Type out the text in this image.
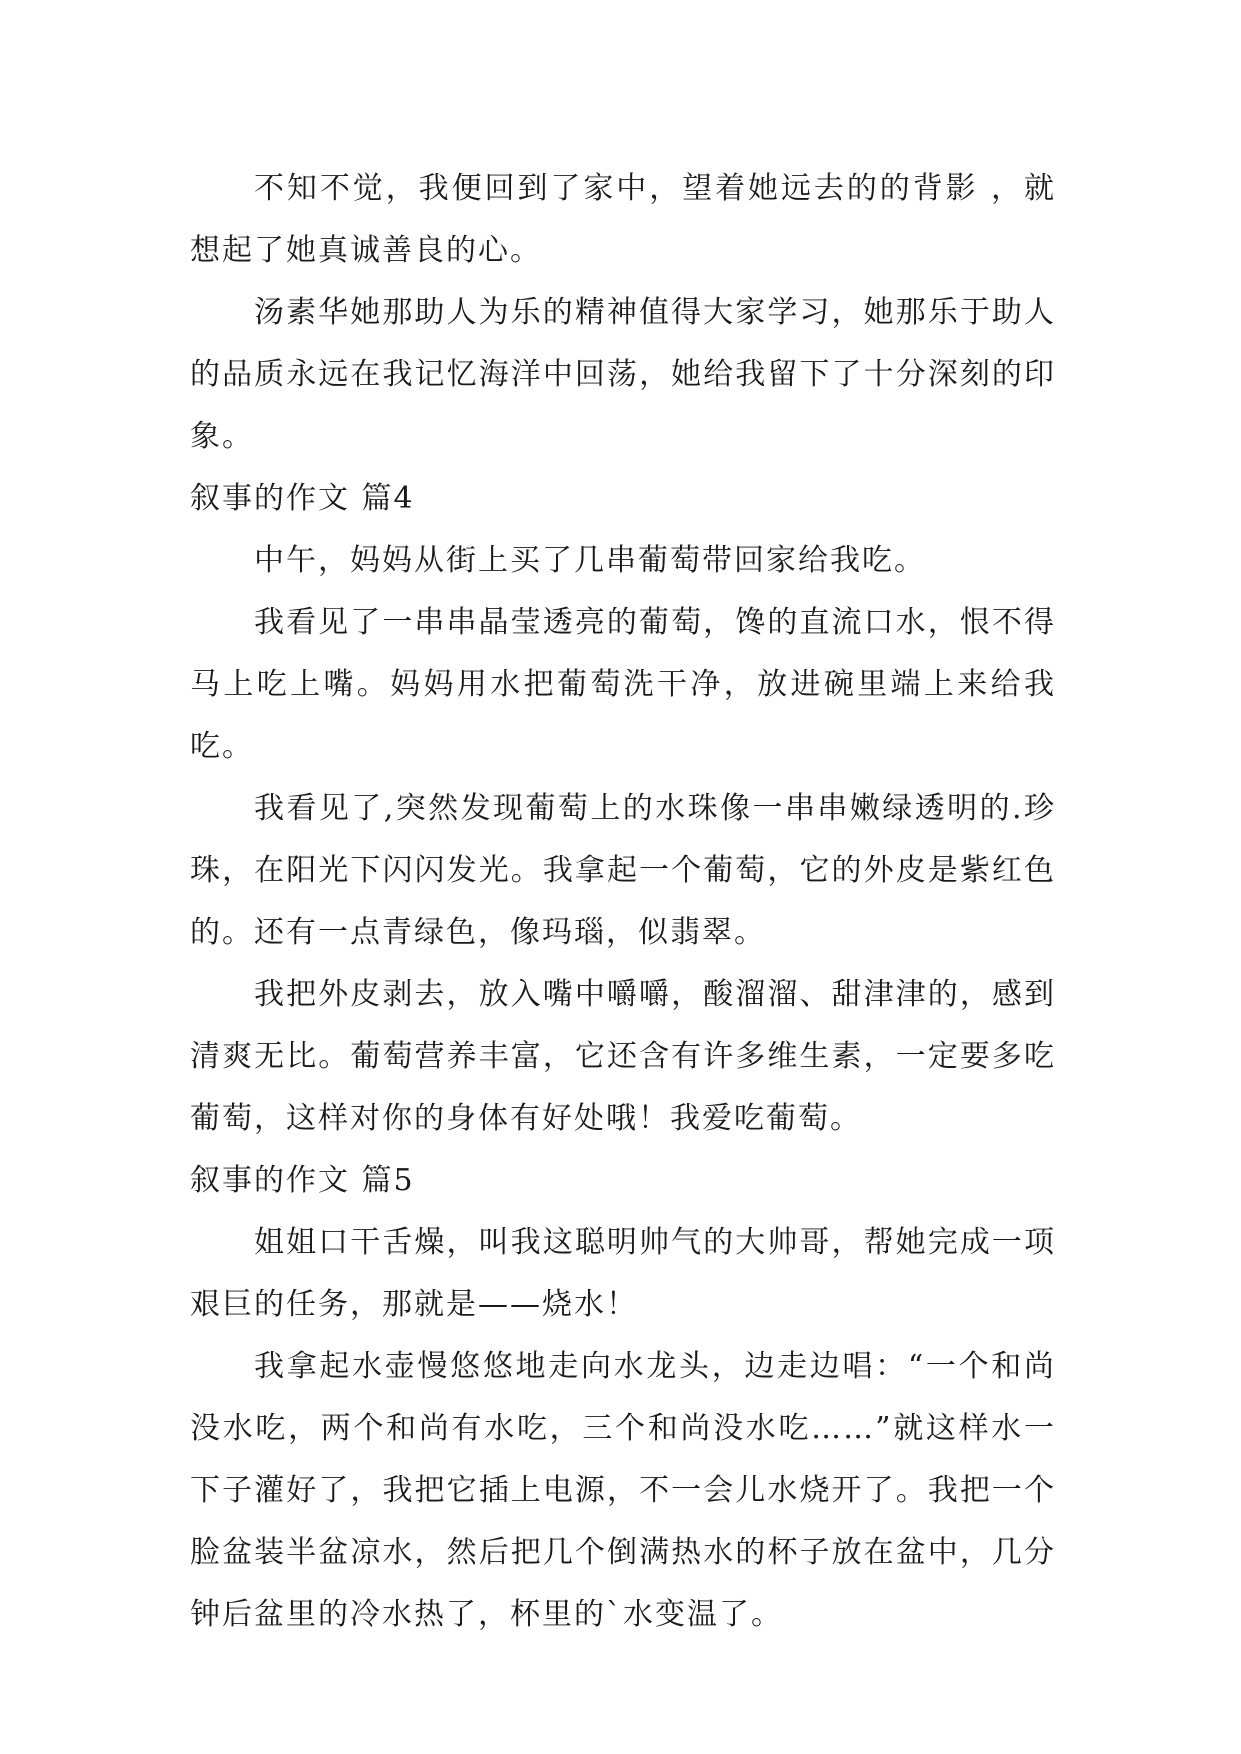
不知不觉，我便回到了家中，望着她远去的的背影 ，就想起了她真诚善良的心。

汤素华她那助人为乐的精神值得大家学习，她那乐于助人的品质永远在我记忆海洋中回荡，她给我留下了十分深刻的印象。

叙事的作文 篇4

中午，妈妈从街上买了几串葡萄带回家给我吃。

我看见了一串串晶莹透亮的葡萄，馋的直流口水，恨不得马上吃上嘴。妈妈用水把葡萄洗干净，放进碗里端上来给我吃。

我看见了,突然发现葡萄上的水珠像一串串嫩绿透明的.珍珠，在阳光下闪闪发光。我拿起一个葡萄，它的外皮是紫红色的。还有一点青绿色，像玛瑙，似翡翠。

我把外皮剥去，放入嘴中嚼嚼，酸溜溜、甜津津的，感到清爽无比。葡萄营养丰富，它还含有许多维生素，一定要多吃葡萄，这样对你的身体有好处哦！我爱吃葡萄。

叙事的作文 篇5

姐姐口干舌燥，叫我这聪明帅气的大帅哥，帮她完成一项艰巨的任务，那就是——烧水！

我拿起水壶慢悠悠地走向水龙头，边走边唱：“一个和尚没水吃，两个和尚有水吃，三个和尚没水吃……”就这样水一下子灌好了，我把它插上电源，不一会儿水烧开了。我把一个脸盆装半盆凉水，然后把几个倒满热水的杯子放在盆中，几分钟后盆里的冷水热了，杯里的`水变温了。
